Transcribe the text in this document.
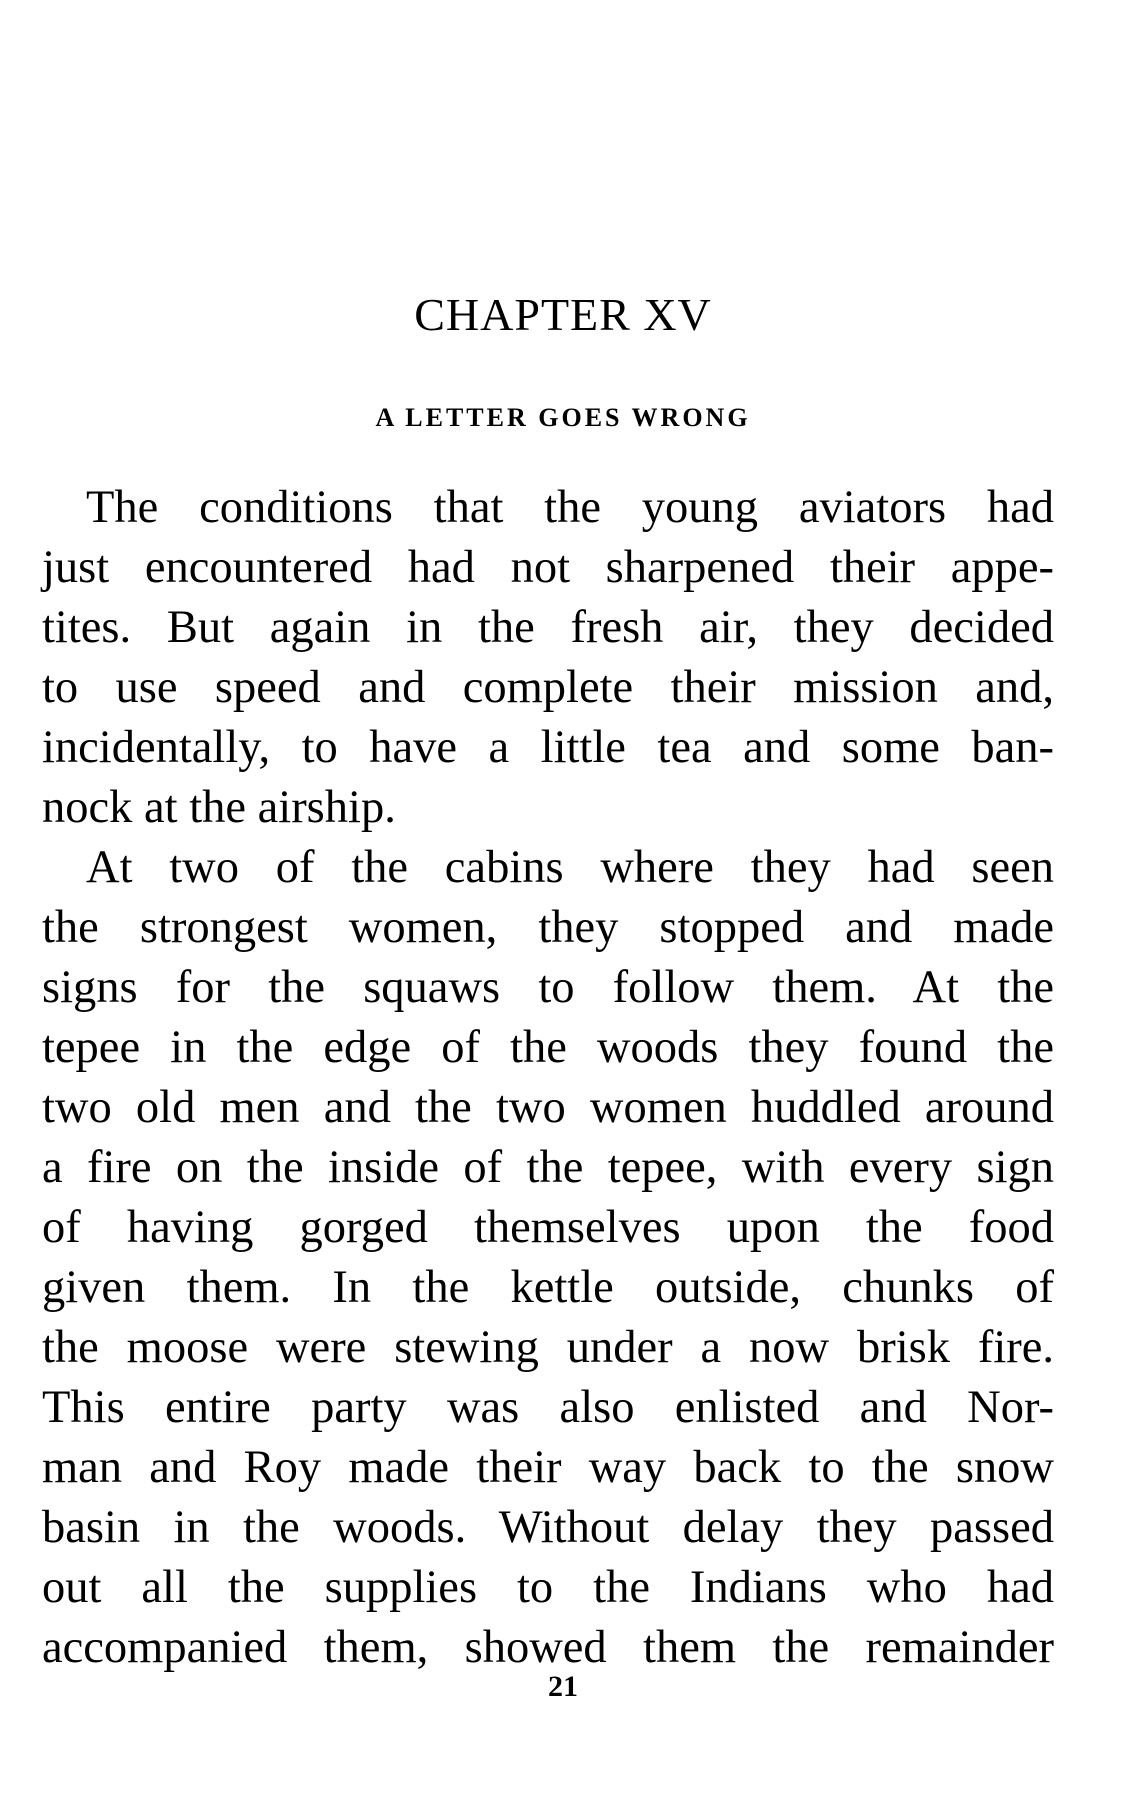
CHAPTER XV
A LETTER GOES WRONG
The conditions that the young aviators had
just encountered had not sharpened their appe-
tites. But again in the fresh air, they decided
to use speed and complete their mission and,
incidentally, to have a little tea and some ban-
nock at the airship.
At two of the cabins where they had seen
the strongest women, they stopped and made
signs for the squaws to follow them. At the
tepee in the edge of the woods they found the
two old men and the two women huddled around
a fire on the inside of the tepee, with every sign
of having gorged themselves upon the food
given them. In the kettle outside, chunks of
the moose were stewing under a now brisk fire.
This entire party was also enlisted and Nor-
man and Roy made their way back to the snow
basin in the woods. Without delay they passed
out all the supplies to the Indians who had
accompanied them, showed them the remainder
21
